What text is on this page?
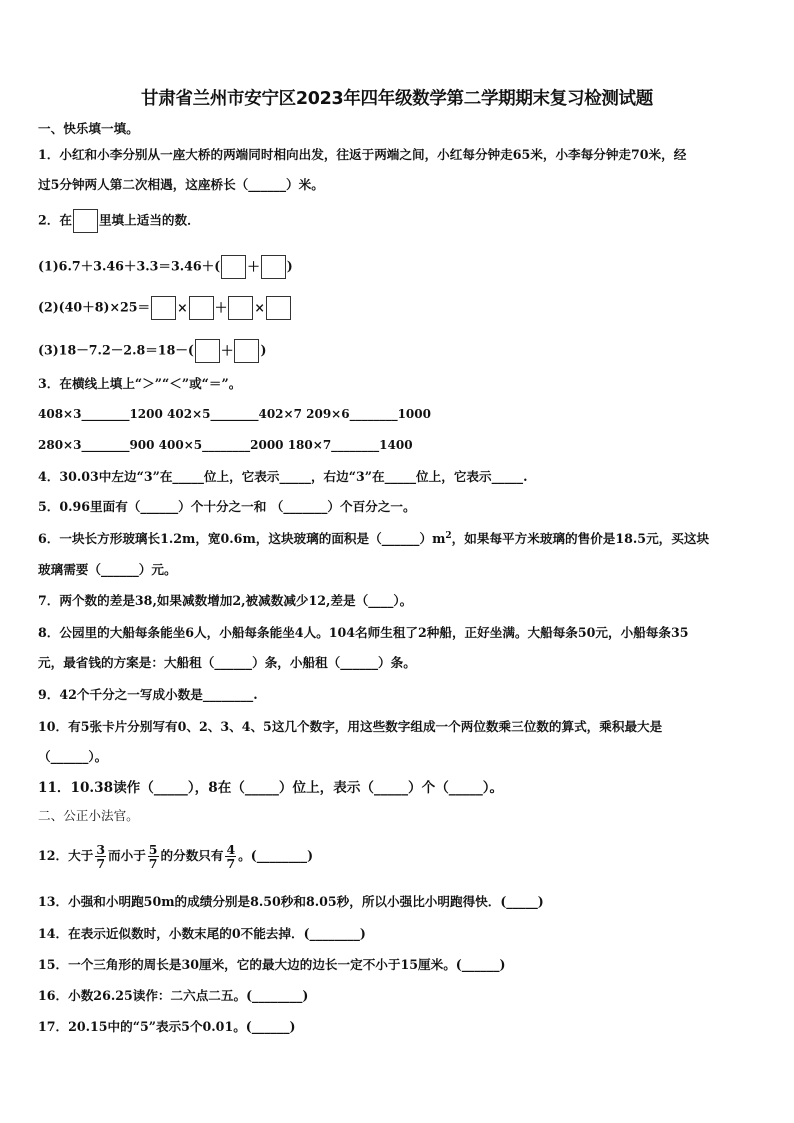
甘肃省兰州市安宁区2023年四年级数学第二学期期末复习检测试题
一、快乐填一填。
1．小红和小李分别从一座大桥的两端同时相向出发，往返于两端之间，小红每分钟走65米，小李每分钟走70米，经
过5分钟两人第二次相遇，这座桥长（______）米。
2．在 里填上适当的数．
(1)6.7＋3.46＋3.3＝3.46＋( ＋ )
(2)(40＋8)×25＝ × ＋ ×
(3)18－7.2－2.8＝18－( ＋ )
3．在横线上填上“＞”“＜”或“＝”。
408×3________1200 402×5________402×7 209×6________1000
280×3________900 400×5________2000 180×7________1400
4．30.03中左边“3”在_____位上，它表示_____，右边“3”在_____位上，它表示_____.
5．0.96里面有（______）个十分之一和 （_______）个百分之一。
6．一块长方形玻璃长1.2m，宽0.6m，这块玻璃的面积是$(\_\_\_\_\_\_)m^2$，如果每平方米玻璃的售价是18.5元，买这块
玻璃需要（______）元。
7．两个数的差是38,如果减数增加2,被减数减少12,差是（____）。
8．公园里的大船每条能坐6人，小船每条能坐4人。104名师生租了2种船，正好坐满。大船每条50元，小船每条35
元，最省钱的方案是：大船租（______）条，小船租（______）条。
9．42个千分之一写成小数是________.
10．有5张卡片分别写有0、2、3、4、5这几个数字，用这些数字组成一个两位数乘三位数的算式，乘积最大是
（______）。
11．10.38读作（_____），8在（_____）位上，表示（_____）个（_____）。
二、公正小法官。
12．大于 $\frac{3}{7}$ 而小于 $\frac{5}{7}$ 的分数只有 $\frac{4}{7}$ 。(________)
13．小强和小明跑50m的成绩分别是8.50秒和8.05秒，所以小强比小明跑得快．(_____)
14．在表示近似数时，小数末尾的0不能去掉．(________)
15．一个三角形的周长是30厘米，它的最大边的边长一定不小于15厘米。(______)
16．小数26.25读作：二六点二五。(________)
17．20.15中的“5”表示5个0.01。(______)
